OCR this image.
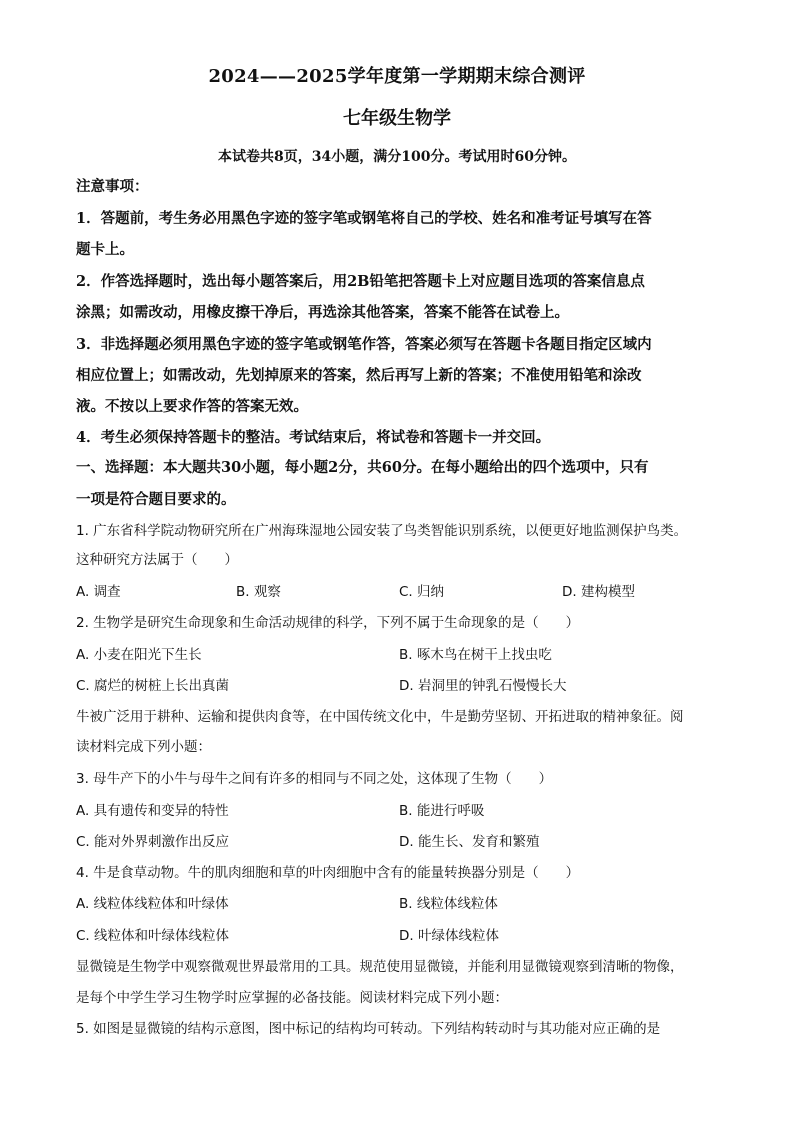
2024——2025学年度第一学期期末综合测评
七年级生物学
本试卷共8页，34小题，满分100分。考试用时60分钟。
注意事项：
1．答题前，考生务必用黑色字迹的签字笔或钢笔将自己的学校、姓名和准考证号填写在答
题卡上。
2．作答选择题时，选出每小题答案后，用2B铅笔把答题卡上对应题目选项的答案信息点
涂黑；如需改动，用橡皮擦干净后，再选涂其他答案，答案不能答在试卷上。
3．非选择题必须用黑色字迹的签字笔或钢笔作答，答案必须写在答题卡各题目指定区域内
相应位置上；如需改动，先划掉原来的答案，然后再写上新的答案；不准使用铅笔和涂改
液。不按以上要求作答的答案无效。
4．考生必须保持答题卡的整洁。考试结束后，将试卷和答题卡一并交回。
一、选择题：本大题共30小题，每小题2分，共60分。在每小题给出的四个选项中，只有
一项是符合题目要求的。
1. 广东省科学院动物研究所在广州海珠湿地公园安装了鸟类智能识别系统，以便更好地监测保护鸟类。
这种研究方法属于（　　）
A. 调查	B. 观察	C. 归纳	D. 建构模型
2. 生物学是研究生命现象和生命活动规律的科学，下列不属于生命现象的是（　　）
A. 小麦在阳光下生长	B. 啄木鸟在树干上找虫吃
C. 腐烂的树桩上长出真菌	D. 岩洞里的钟乳石慢慢长大
牛被广泛用于耕种、运输和提供肉食等，在中国传统文化中，牛是勤劳坚韧、开拓进取的精神象征。阅
读材料完成下列小题：
3. 母牛产下的小牛与母牛之间有许多的相同与不同之处，这体现了生物（　　）
A. 具有遗传和变异的特性	B. 能进行呼吸
C. 能对外界刺激作出反应	D. 能生长、发育和繁殖
4. 牛是食草动物。牛的肌肉细胞和草的叶肉细胞中含有的能量转换器分别是（　　）
A. 线粒体线粒体和叶绿体	B. 线粒体线粒体
C. 线粒体和叶绿体线粒体	D. 叶绿体线粒体
显微镜是生物学中观察微观世界最常用的工具。规范使用显微镜，并能利用显微镜观察到清晰的物像，
是每个中学生学习生物学时应掌握的必备技能。阅读材料完成下列小题：
5. 如图是显微镜的结构示意图，图中标记的结构均可转动。下列结构转动时与其功能对应正确的是
